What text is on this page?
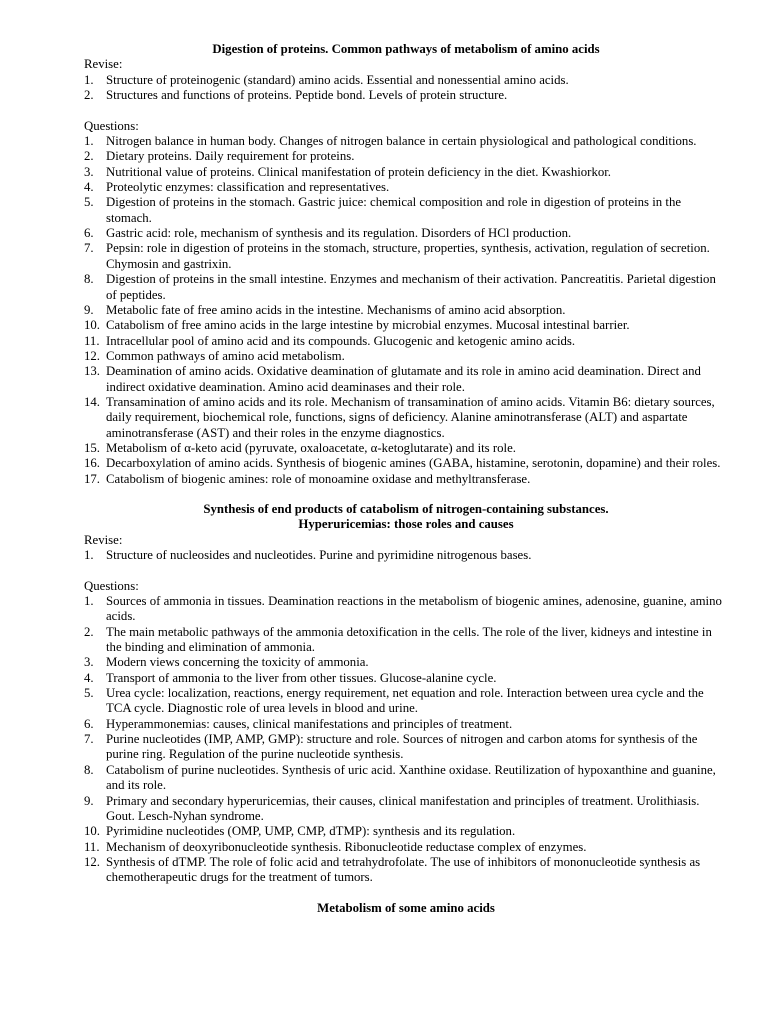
Digestion of proteins. Common pathways of metabolism of amino acids

Revise:

1. Structure of proteinogenic (standard) amino acids. Essential and nonessential amino acids.
2. Structures and functions of proteins. Peptide bond. Levels of protein structure.

Questions:

1. Nitrogen balance in human body. Changes of nitrogen balance in certain physiological and pathological conditions.
2. Dietary proteins. Daily requirement for proteins.
3. Nutritional value of proteins. Clinical manifestation of protein deficiency in the diet. Kwashiorkor.
4. Proteolytic enzymes: classification and representatives.
5. Digestion of proteins in the stomach. Gastric juice: chemical composition and role in digestion of proteins in the stomach.
6. Gastric acid: role, mechanism of synthesis and its regulation. Disorders of HCl production.
7. Pepsin: role in digestion of proteins in the stomach, structure, properties, synthesis, activation, regulation of secretion. Chymosin and gastrixin.
8. Digestion of proteins in the small intestine. Enzymes and mechanism of their activation. Pancreatitis. Parietal digestion of peptides.
9. Metabolic fate of free amino acids in the intestine. Mechanisms of amino acid absorption.
10. Catabolism of free amino acids in the large intestine by microbial enzymes. Mucosal intestinal barrier.
11. Intracellular pool of amino acid and its compounds. Glucogenic and ketogenic amino acids.
12. Common pathways of amino acid metabolism.
13. Deamination of amino acids. Oxidative deamination of glutamate and its role in amino acid deamination. Direct and indirect oxidative deamination. Amino acid deaminases and their role.
14. Transamination of amino acids and its role. Mechanism of transamination of amino acids. Vitamin B6: dietary sources, daily requirement, biochemical role, functions, signs of deficiency. Alanine aminotransferase (ALT) and aspartate aminotransferase (AST) and their roles in the enzyme diagnostics.
15. Metabolism of α-keto acid (pyruvate, oxaloacetate, α-ketoglutarate) and its role.
16. Decarboxylation of amino acids. Synthesis of biogenic amines (GABA, histamine, serotonin, dopamine) and their roles.
17. Catabolism of biogenic amines: role of monoamine oxidase and methyltransferase.

Synthesis of end products of catabolism of nitrogen-containing substances.

Hyperuricemias: those roles and causes

Revise:

1. Structure of nucleosides and nucleotides. Purine and pyrimidine nitrogenous bases.

Questions:

1. Sources of ammonia in tissues. Deamination reactions in the metabolism of biogenic amines, adenosine, guanine, amino acids.
2. The main metabolic pathways of the ammonia detoxification in the cells. The role of the liver, kidneys and intestine in the binding and elimination of ammonia.
3. Modern views concerning the toxicity of ammonia.
4. Transport of ammonia to the liver from other tissues. Glucose-alanine cycle.
5. Urea cycle: localization, reactions, energy requirement, net equation and role. Interaction between urea cycle and the TCA cycle. Diagnostic role of urea levels in blood and urine.
6. Hyperammonemias: causes, clinical manifestations and principles of treatment.
7. Purine nucleotides (IMP, AMP, GMP): structure and role. Sources of nitrogen and carbon atoms for synthesis of the purine ring. Regulation of the purine nucleotide synthesis.
8. Catabolism of purine nucleotides. Synthesis of uric acid. Xanthine oxidase. Reutilization of hypoxanthine and guanine, and its role.
9. Primary and secondary hyperuricemias, their causes, clinical manifestation and principles of treatment. Urolithiasis. Gout. Lesch-Nyhan syndrome.
10. Pyrimidine nucleotides (OMP, UMP, CMP, dTMP): synthesis and its regulation.
11. Mechanism of deoxyribonucleotide synthesis. Ribonucleotide reductase complex of enzymes.
12. Synthesis of dTMP. The role of folic acid and tetrahydrofolate. The use of inhibitors of mononucleotide synthesis as chemotherapeutic drugs for the treatment of tumors.

Metabolism of some amino acids
